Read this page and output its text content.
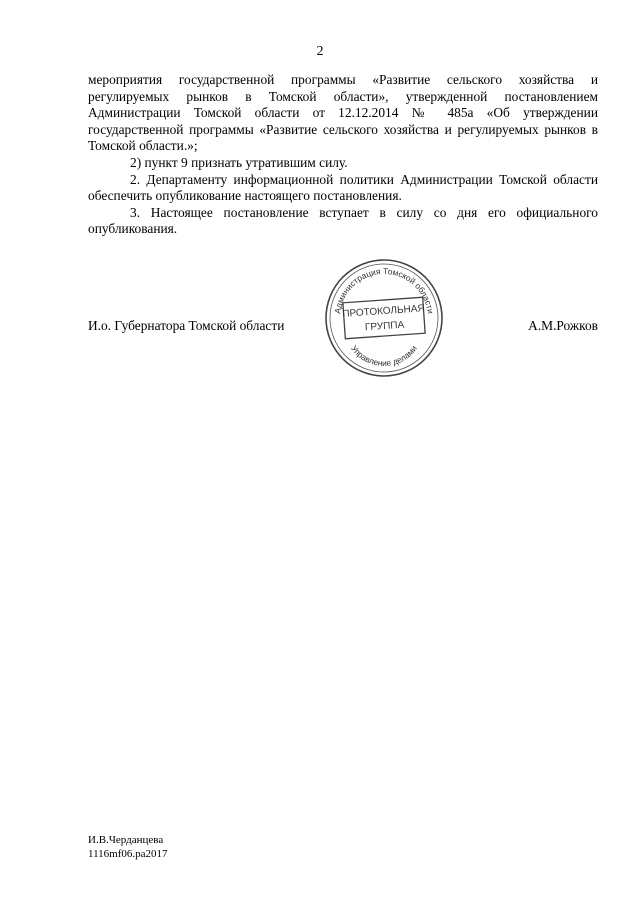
2

мероприятия государственной программы «Развитие сельского хозяйства и регулируемых рынков в Томской области», утвержденной постановлением Администрации Томской области от 12.12.2014 № 485а «Об утверждении государственной программы «Развитие сельского хозяйства и регулируемых рынков в Томской области.»;

2) пункт 9 признать утратившим силу.

2. Департаменту информационной политики Администрации Томской области обеспечить опубликование настоящего постановления.

3. Настоящее постановление вступает в силу со дня его официального опубликования.

Администрация Томской области
Управление делами
ПРОТОКОЛЬНАЯ
ГРУППА
И.о. Губернатора Томской области	А.М.Рожков
И.В.Черданцева
1116mf06.pa2017
